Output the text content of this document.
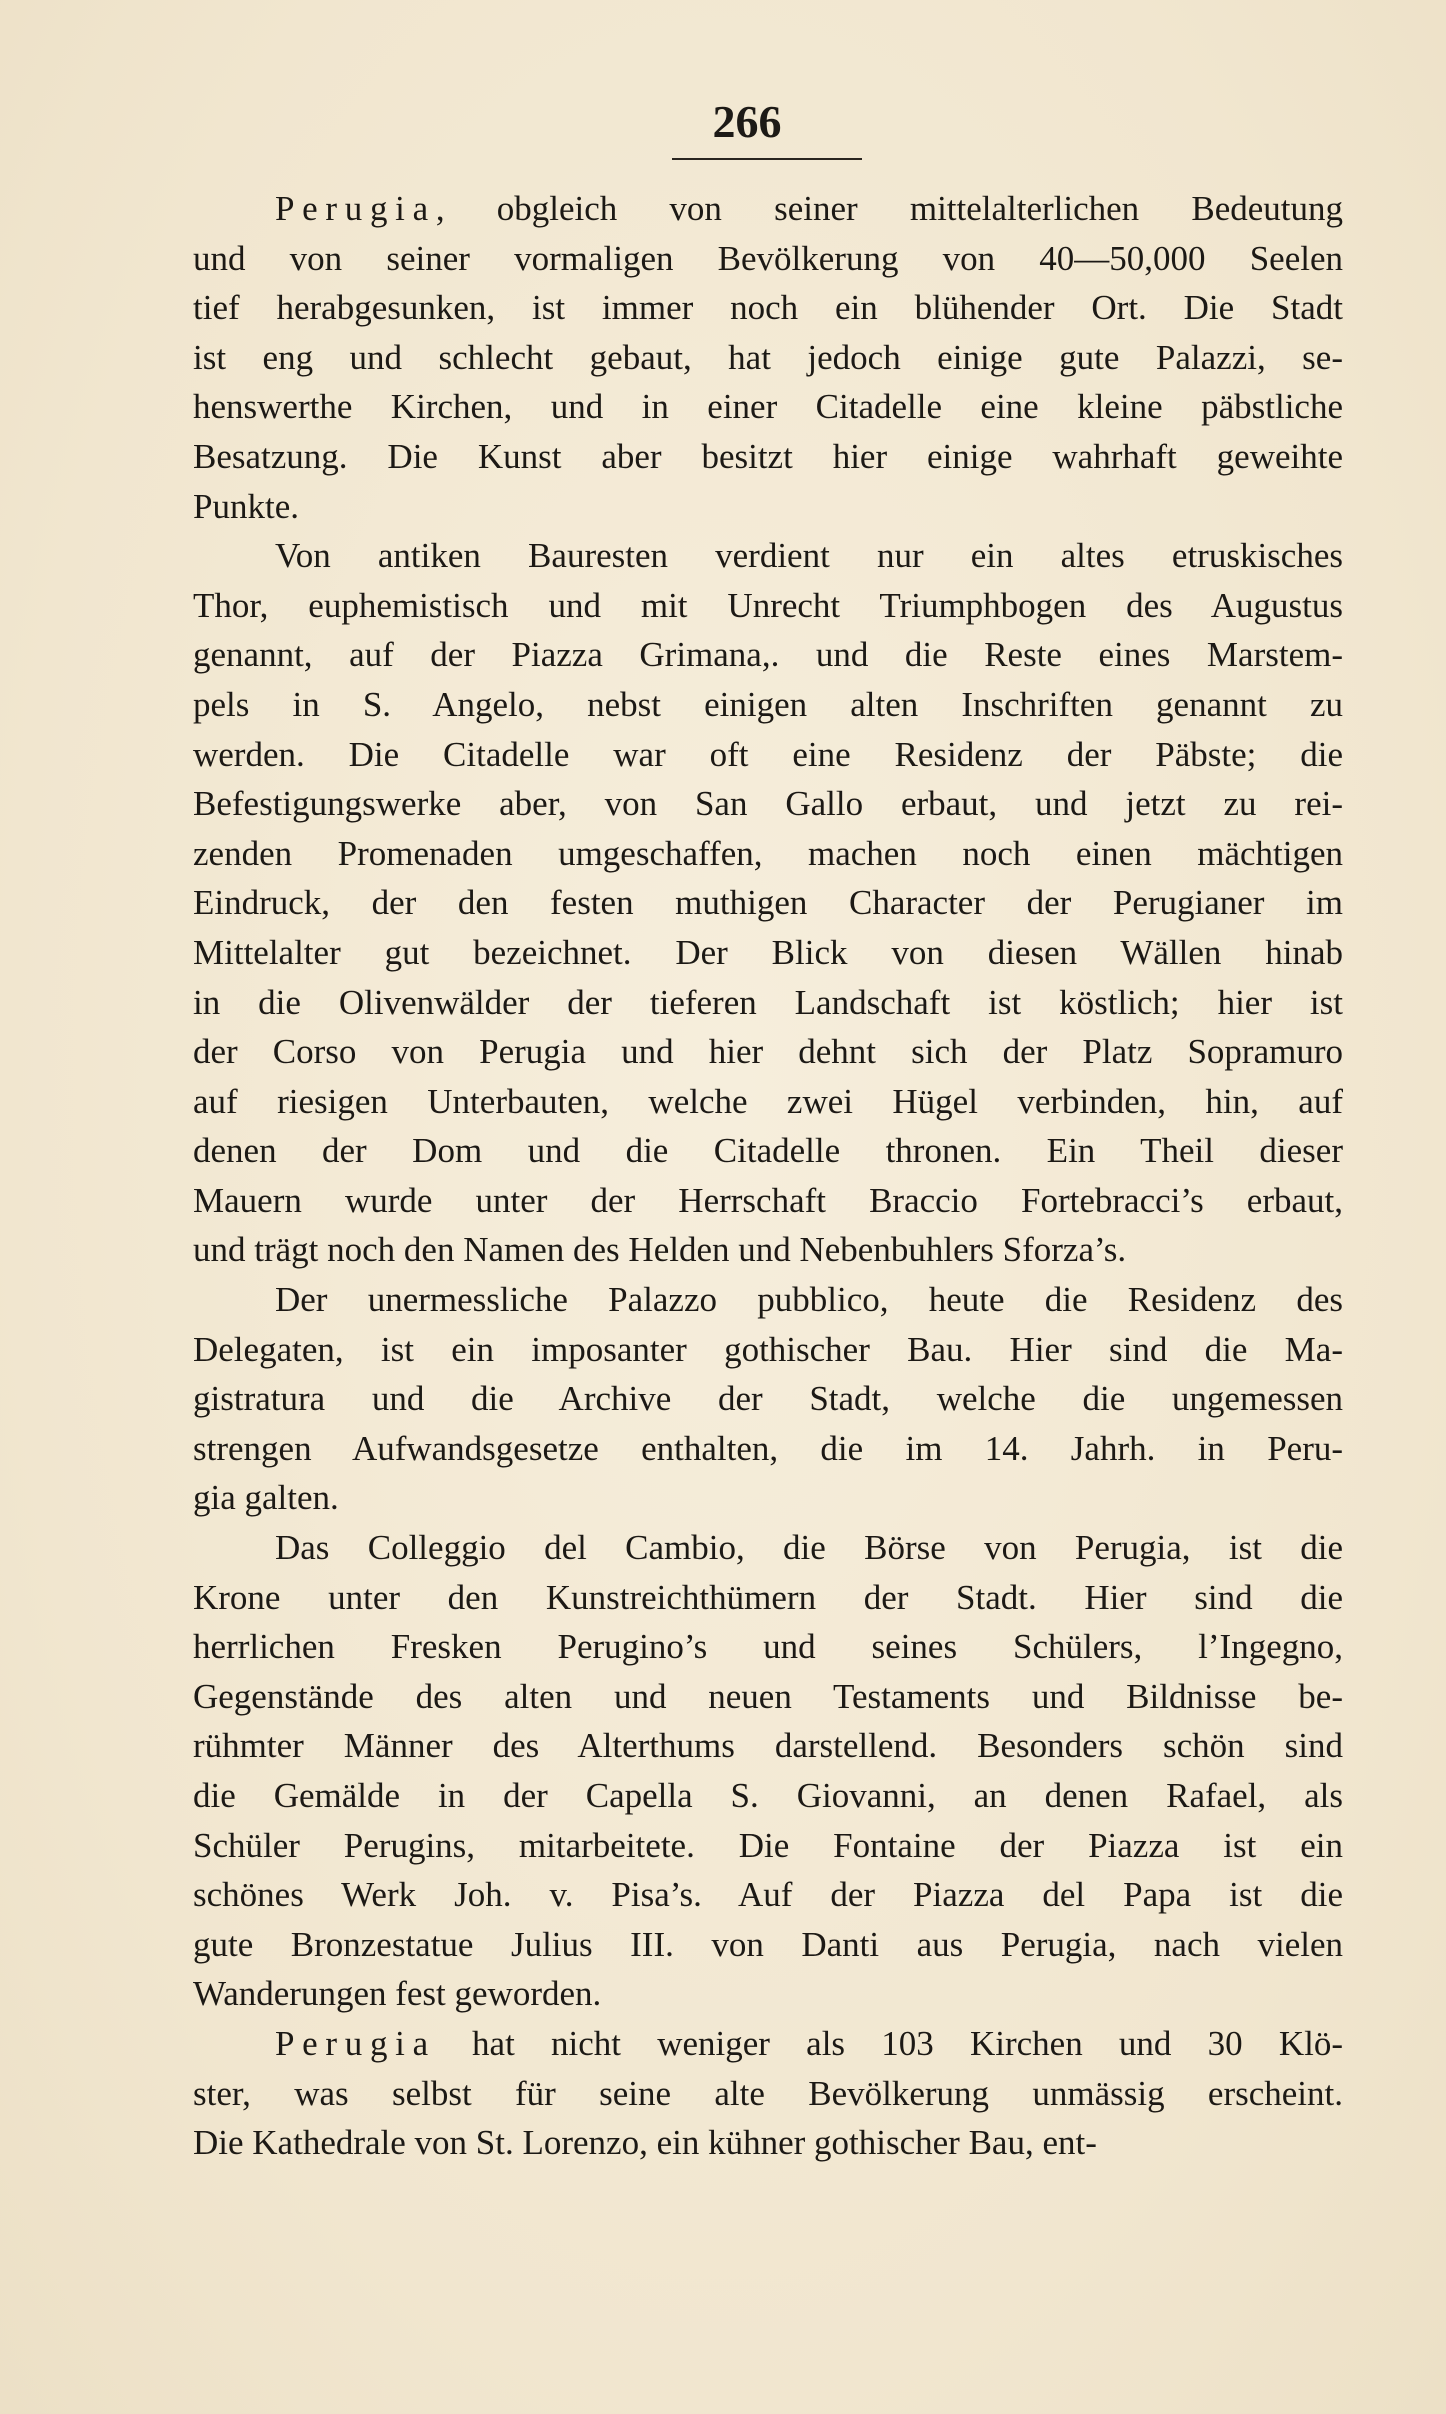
266

Perugia, obgleich von seiner mittelalterlichen Bedeutung
und von seiner vormaligen Bevölkerung von 40—50,000 Seelen
tief herabgesunken, ist immer noch ein blühender Ort. Die Stadt
ist eng und schlecht gebaut, hat jedoch einige gute Palazzi, se-
henswerthe Kirchen, und in einer Citadelle eine kleine päbstliche
Besatzung. Die Kunst aber besitzt hier einige wahrhaft geweihte
Punkte.

Von antiken Bauresten verdient nur ein altes etruskisches
Thor, euphemistisch und mit Unrecht Triumphbogen des Augustus
genannt, auf der Piazza Grimana,. und die Reste eines Marstem-
pels in S. Angelo, nebst einigen alten Inschriften genannt zu
werden. Die Citadelle war oft eine Residenz der Päbste; die
Befestigungswerke aber, von San Gallo erbaut, und jetzt zu rei-
zenden Promenaden umgeschaffen, machen noch einen mächtigen
Eindruck, der den festen muthigen Character der Perugianer im
Mittelalter gut bezeichnet. Der Blick von diesen Wällen hinab
in die Olivenwälder der tieferen Landschaft ist köstlich; hier ist
der Corso von Perugia und hier dehnt sich der Platz Sopramuro
auf riesigen Unterbauten, welche zwei Hügel verbinden, hin, auf
denen der Dom und die Citadelle thronen. Ein Theil dieser
Mauern wurde unter der Herrschaft Braccio Fortebracci’s erbaut,
und trägt noch den Namen des Helden und Nebenbuhlers Sforza’s.

Der unermessliche Palazzo pubblico, heute die Residenz des
Delegaten, ist ein imposanter gothischer Bau. Hier sind die Ma-
gistratura und die Archive der Stadt, welche die ungemessen
strengen Aufwandsgesetze enthalten, die im 14. Jahrh. in Peru-
gia galten.

Das Colleggio del Cambio, die Börse von Perugia, ist die
Krone unter den Kunstreichthümern der Stadt. Hier sind die
herrlichen Fresken Perugino’s und seines Schülers, l’Ingegno,
Gegenstände des alten und neuen Testaments und Bildnisse be-
rühmter Männer des Alterthums darstellend. Besonders schön sind
die Gemälde in der Capella S. Giovanni, an denen Rafael, als
Schüler Perugins, mitarbeitete. Die Fontaine der Piazza ist ein
schönes Werk Joh. v. Pisa’s. Auf der Piazza del Papa ist die
gute Bronzestatue Julius III. von Danti aus Perugia, nach vielen
Wanderungen fest geworden.

Perugia hat nicht weniger als 103 Kirchen und 30 Klö-
ster, was selbst für seine alte Bevölkerung unmässig erscheint.
Die Kathedrale von St. Lorenzo, ein kühner gothischer Bau, ent-
